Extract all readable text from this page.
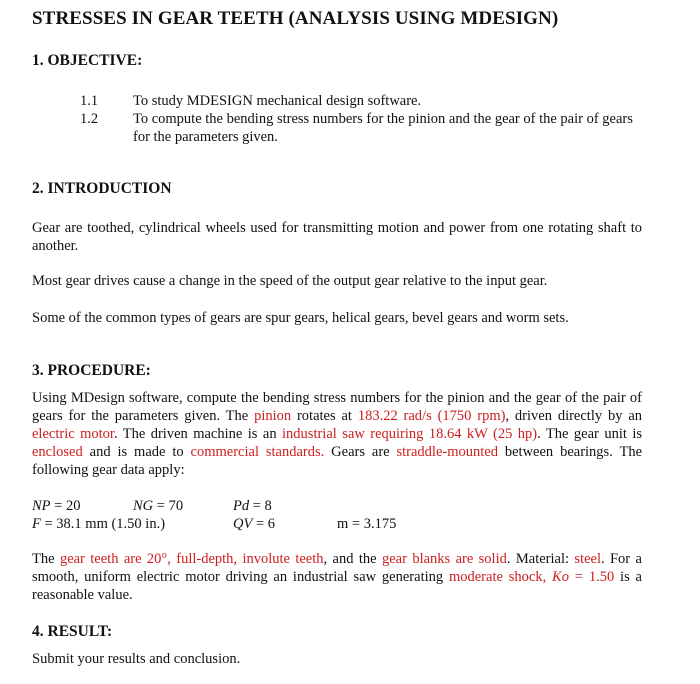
STRESSES IN GEAR TEETH (ANALYSIS USING MDESIGN)
1. OBJECTIVE:
1.1 To study MDESIGN mechanical design software.
1.2 To compute the bending stress numbers for the pinion and the gear of the pair of gears for the parameters given.
2. INTRODUCTION

Gear are toothed, cylindrical wheels used for transmitting motion and power from one rotating shaft to another.

Most gear drives cause a change in the speed of the output gear relative to the input gear.

Some of the common types of gears are spur gears, helical gears, bevel gears and worm sets.

3. PROCEDURE:

Using MDesign software, compute the bending stress numbers for the pinion and the gear of the pair of gears for the parameters given. The pinion rotates at 183.22 rad/s (1750 rpm), driven directly by an electric motor. The driven machine is an industrial saw requiring 18.64 kW (25 hp). The gear unit is enclosed and is made to commercial standards. Gears are straddle-mounted between bearings. The following gear data apply:

NP = 20	NG = 70	Pd = 8
F = 38.1 mm (1.50 in.)	QV = 6	m = 3.175

The gear teeth are 20°, full-depth, involute teeth, and the gear blanks are solid. Material: steel. For a smooth, uniform electric motor driving an industrial saw generating moderate shock, Ko = 1.50 is a reasonable value.

4. RESULT:

Submit your results and conclusion.
